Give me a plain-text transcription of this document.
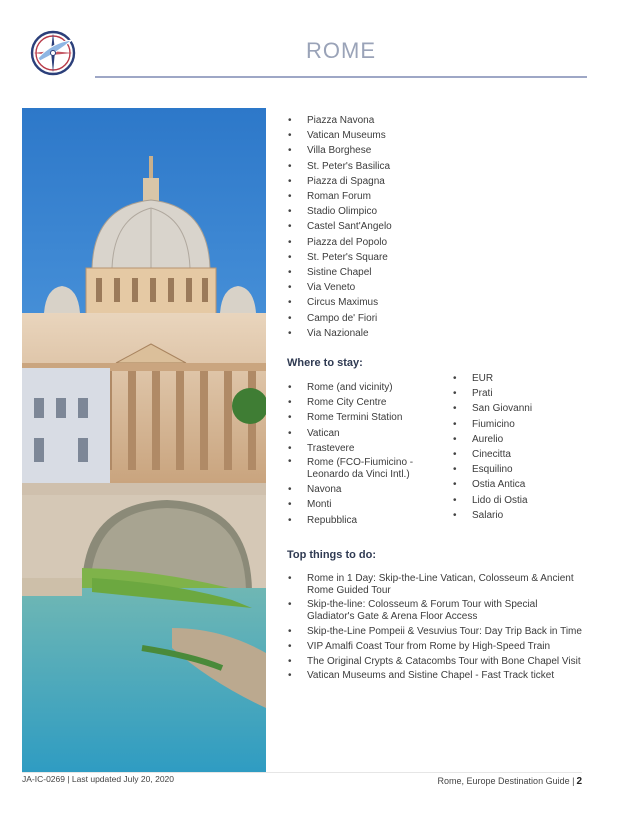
ROME
• Piazza Navona
• Vatican Museums
• Villa Borghese
• St. Peter's Basilica
• Piazza di Spagna
• Roman Forum
• Stadio Olimpico
• Castel Sant'Angelo
• Piazza del Popolo
• St. Peter's Square
• Sistine Chapel
• Via Veneto
• Circus Maximus
• Campo de' Fiori
• Via Nazionale
Where to stay:
• Rome (and vicinity)
• Rome City Centre
• Rome Termini Station
• Vatican
• Trastevere
• Rome (FCO-Fiumicino - Leonardo da Vinci Intl.)
• Navona
• Monti
• Repubblica
• EUR
• Prati
• San Giovanni
• Fiumicino
• Aurelio
• Cinecitta
• Esquilino
• Ostia Antica
• Lido di Ostia
• Salario
Top things to do:
• Rome in 1 Day: Skip-the-Line Vatican, Colosseum & Ancient Rome Guided Tour
• Skip-the-line: Colosseum & Forum Tour with Special Gladiator's Gate & Arena Floor Access
• Skip-the-Line Pompeii & Vesuvius Tour: Day Trip Back in Time
• VIP Amalfi Coast Tour from Rome by High-Speed Train
• The Original Crypts & Catacombs Tour with Bone Chapel Visit
• Vatican Museums and Sistine Chapel - Fast Track ticket
JA-IC-0269 | Last updated July 20, 2020	Rome, Europe Destination Guide | 2
